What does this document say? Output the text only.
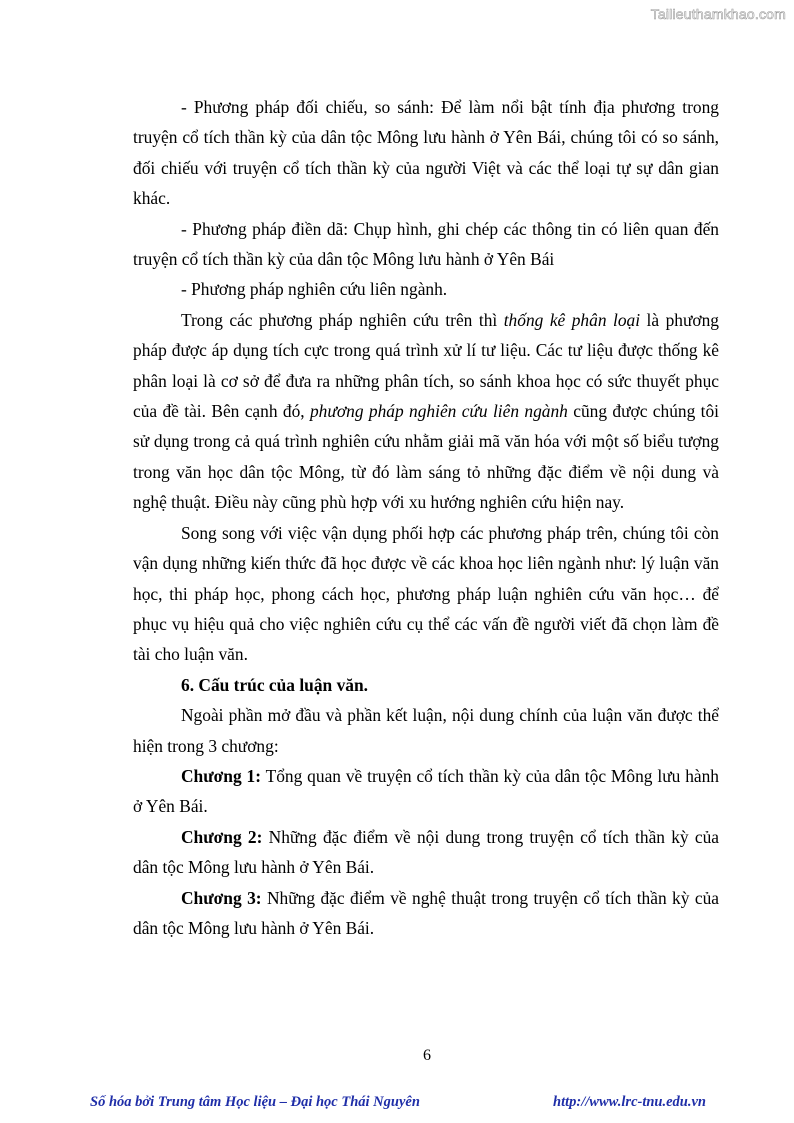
Tailieuthamkhao.com

- Phương pháp đối chiếu, so sánh: Để làm nổi bật tính địa phương trong truyện cổ tích thần kỳ của dân tộc Mông lưu hành ở Yên Bái, chúng tôi có so sánh, đối chiếu với truyện cổ tích thần kỳ của người Việt và các thể loại tự sự dân gian khác.

- Phương pháp điền dã: Chụp hình, ghi chép các thông tin có liên quan đến truyện cổ tích thần kỳ của dân tộc Mông lưu hành ở Yên Bái

- Phương pháp nghiên cứu liên ngành.

Trong các phương pháp nghiên cứu trên thì thống kê phân loại là phương pháp được áp dụng tích cực trong quá trình xử lí tư liệu. Các tư liệu được thống kê phân loại là cơ sở để đưa ra những phân tích, so sánh khoa học có sức thuyết phục của đề tài. Bên cạnh đó, phương pháp nghiên cứu liên ngành cũng được chúng tôi sử dụng trong cả quá trình nghiên cứu nhằm giải mã văn hóa với một số biểu tượng trong văn học dân tộc Mông, từ đó làm sáng tỏ những đặc điểm về nội dung và nghệ thuật. Điều này cũng phù hợp với xu hướng nghiên cứu hiện nay.

Song song với việc vận dụng phối hợp các phương pháp trên, chúng tôi còn vận dụng những kiến thức đã học được về các khoa học liên ngành như: lý luận văn học, thi pháp học, phong cách học, phương pháp luận nghiên cứu văn học… để phục vụ hiệu quả cho việc nghiên cứu cụ thể các vấn đề người viết đã chọn làm đề tài cho luận văn.

6. Cấu trúc của luận văn.

Ngoài phần mở đầu và phần kết luận, nội dung chính của luận văn được thể hiện trong 3 chương:

Chương 1: Tổng quan về truyện cổ tích thần kỳ của dân tộc Mông lưu hành ở Yên Bái.

Chương 2: Những đặc điểm về nội dung trong truyện cổ tích thần kỳ của dân tộc Mông lưu hành ở Yên Bái.

Chương 3: Những đặc điểm về nghệ thuật trong truyện cổ tích thần kỳ của dân tộc Mông lưu hành ở Yên Bái.

6
Số hóa bởi Trung tâm Học liệu – Đại học Thái Nguyên	http://www.lrc-tnu.edu.vn
